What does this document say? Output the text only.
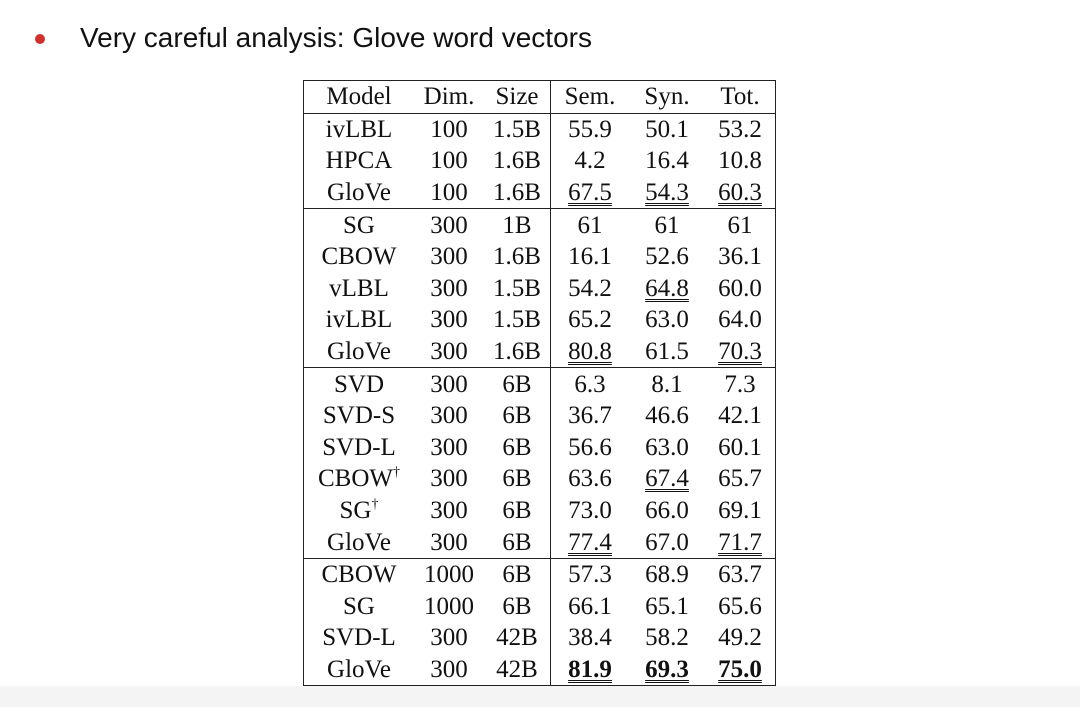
Very careful analysis: Glove word vectors
Model	Dim.	Size	Sem.	Syn.	Tot.
ivLBL	100	1.5B	55.9	50.1	53.2
HPCA	100	1.6B	4.2	16.4	10.8
GloVe	100	1.6B	67.5	54.3	60.3
SG	300	1B	61	61	61
CBOW	300	1.6B	16.1	52.6	36.1
vLBL	300	1.5B	54.2	64.8	60.0
ivLBL	300	1.5B	65.2	63.0	64.0
GloVe	300	1.6B	80.8	61.5	70.3
SVD	300	6B	6.3	8.1	7.3
SVD-S	300	6B	36.7	46.6	42.1
SVD-L	300	6B	56.6	63.0	60.1
CBOW†	300	6B	63.6	67.4	65.7
SG†	300	6B	73.0	66.0	69.1
GloVe	300	6B	77.4	67.0	71.7
CBOW	1000	6B	57.3	68.9	63.7
SG	1000	6B	66.1	65.1	65.6
SVD-L	300	42B	38.4	58.2	49.2
GloVe	300	42B	81.9	69.3	75.0
